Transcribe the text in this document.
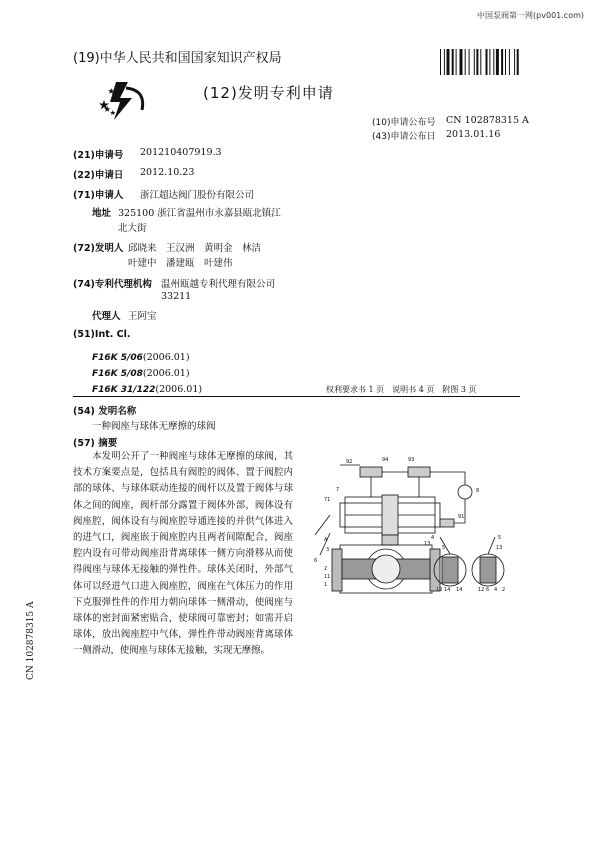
中国泵阀第一网(pv001.com)
(19)中华人民共和国国家知识产权局
(12)发明专利申请
(10)申请公布号 CN 102878315 A
(43)申请公布日 2013.01.16
(21)申请号 201210407919.3
(22)申请日 2012.10.23
(71)申请人 浙江超达阀门股份有限公司
地址 325100 浙江省温州市永嘉县瓯北镇江
北大街
(72)发明人 邱晓来　王汉洲　黄明金　林洁
叶建中　潘建瓯　叶建伟
(74)专利代理机构 温州瓯越专利代理有限公司
33211
代理人 王阿宝
(51)Int. Cl.
F16K 5/06(2006.01)
F16K 5/08(2006.01)
F16K 31/122(2006.01)	权利要求书 1 页　说明书 4 页　附图 3 页
(54) 发明名称
一种阀座与球体无摩擦的球阀
(57) 摘要
本发明公开了一种阀座与球体无摩擦的球阀，其技术方案要点是，包括具有阀腔的阀体、置于阀腔内部的球体、与球体联动连接的阀杆以及置于阀体与球体之间的阀座，阀杆部分露置于阀体外部，阀体设有阀座腔，阀体设有与阀座腔导通连接的并供气体进入的进气口，阀座嵌于阀座腔内且两者间隙配合，阀座腔内设有可带动阀座沿背离球体一侧方向滑移从而使得阀座与球体无接触的弹性件。球体关闭时，外部气体可以经进气口进入阀座腔，阀座在气体压力的作用下克服弹性件的作用力朝向球体一侧滑动，使阀座与球体的密封面紧密贴合，使球阀可靠密封；如需开启球体，放出阀座腔中气体，弹性件带动阀座背离球体一侧滑动，使阀座与球体无接触，实现无摩擦。
92	94	93
7	8
71
91
3
6
2
11
1
4
5
13
12 14
13
12
5
6 4 2
14
A
CN 102878315 A
